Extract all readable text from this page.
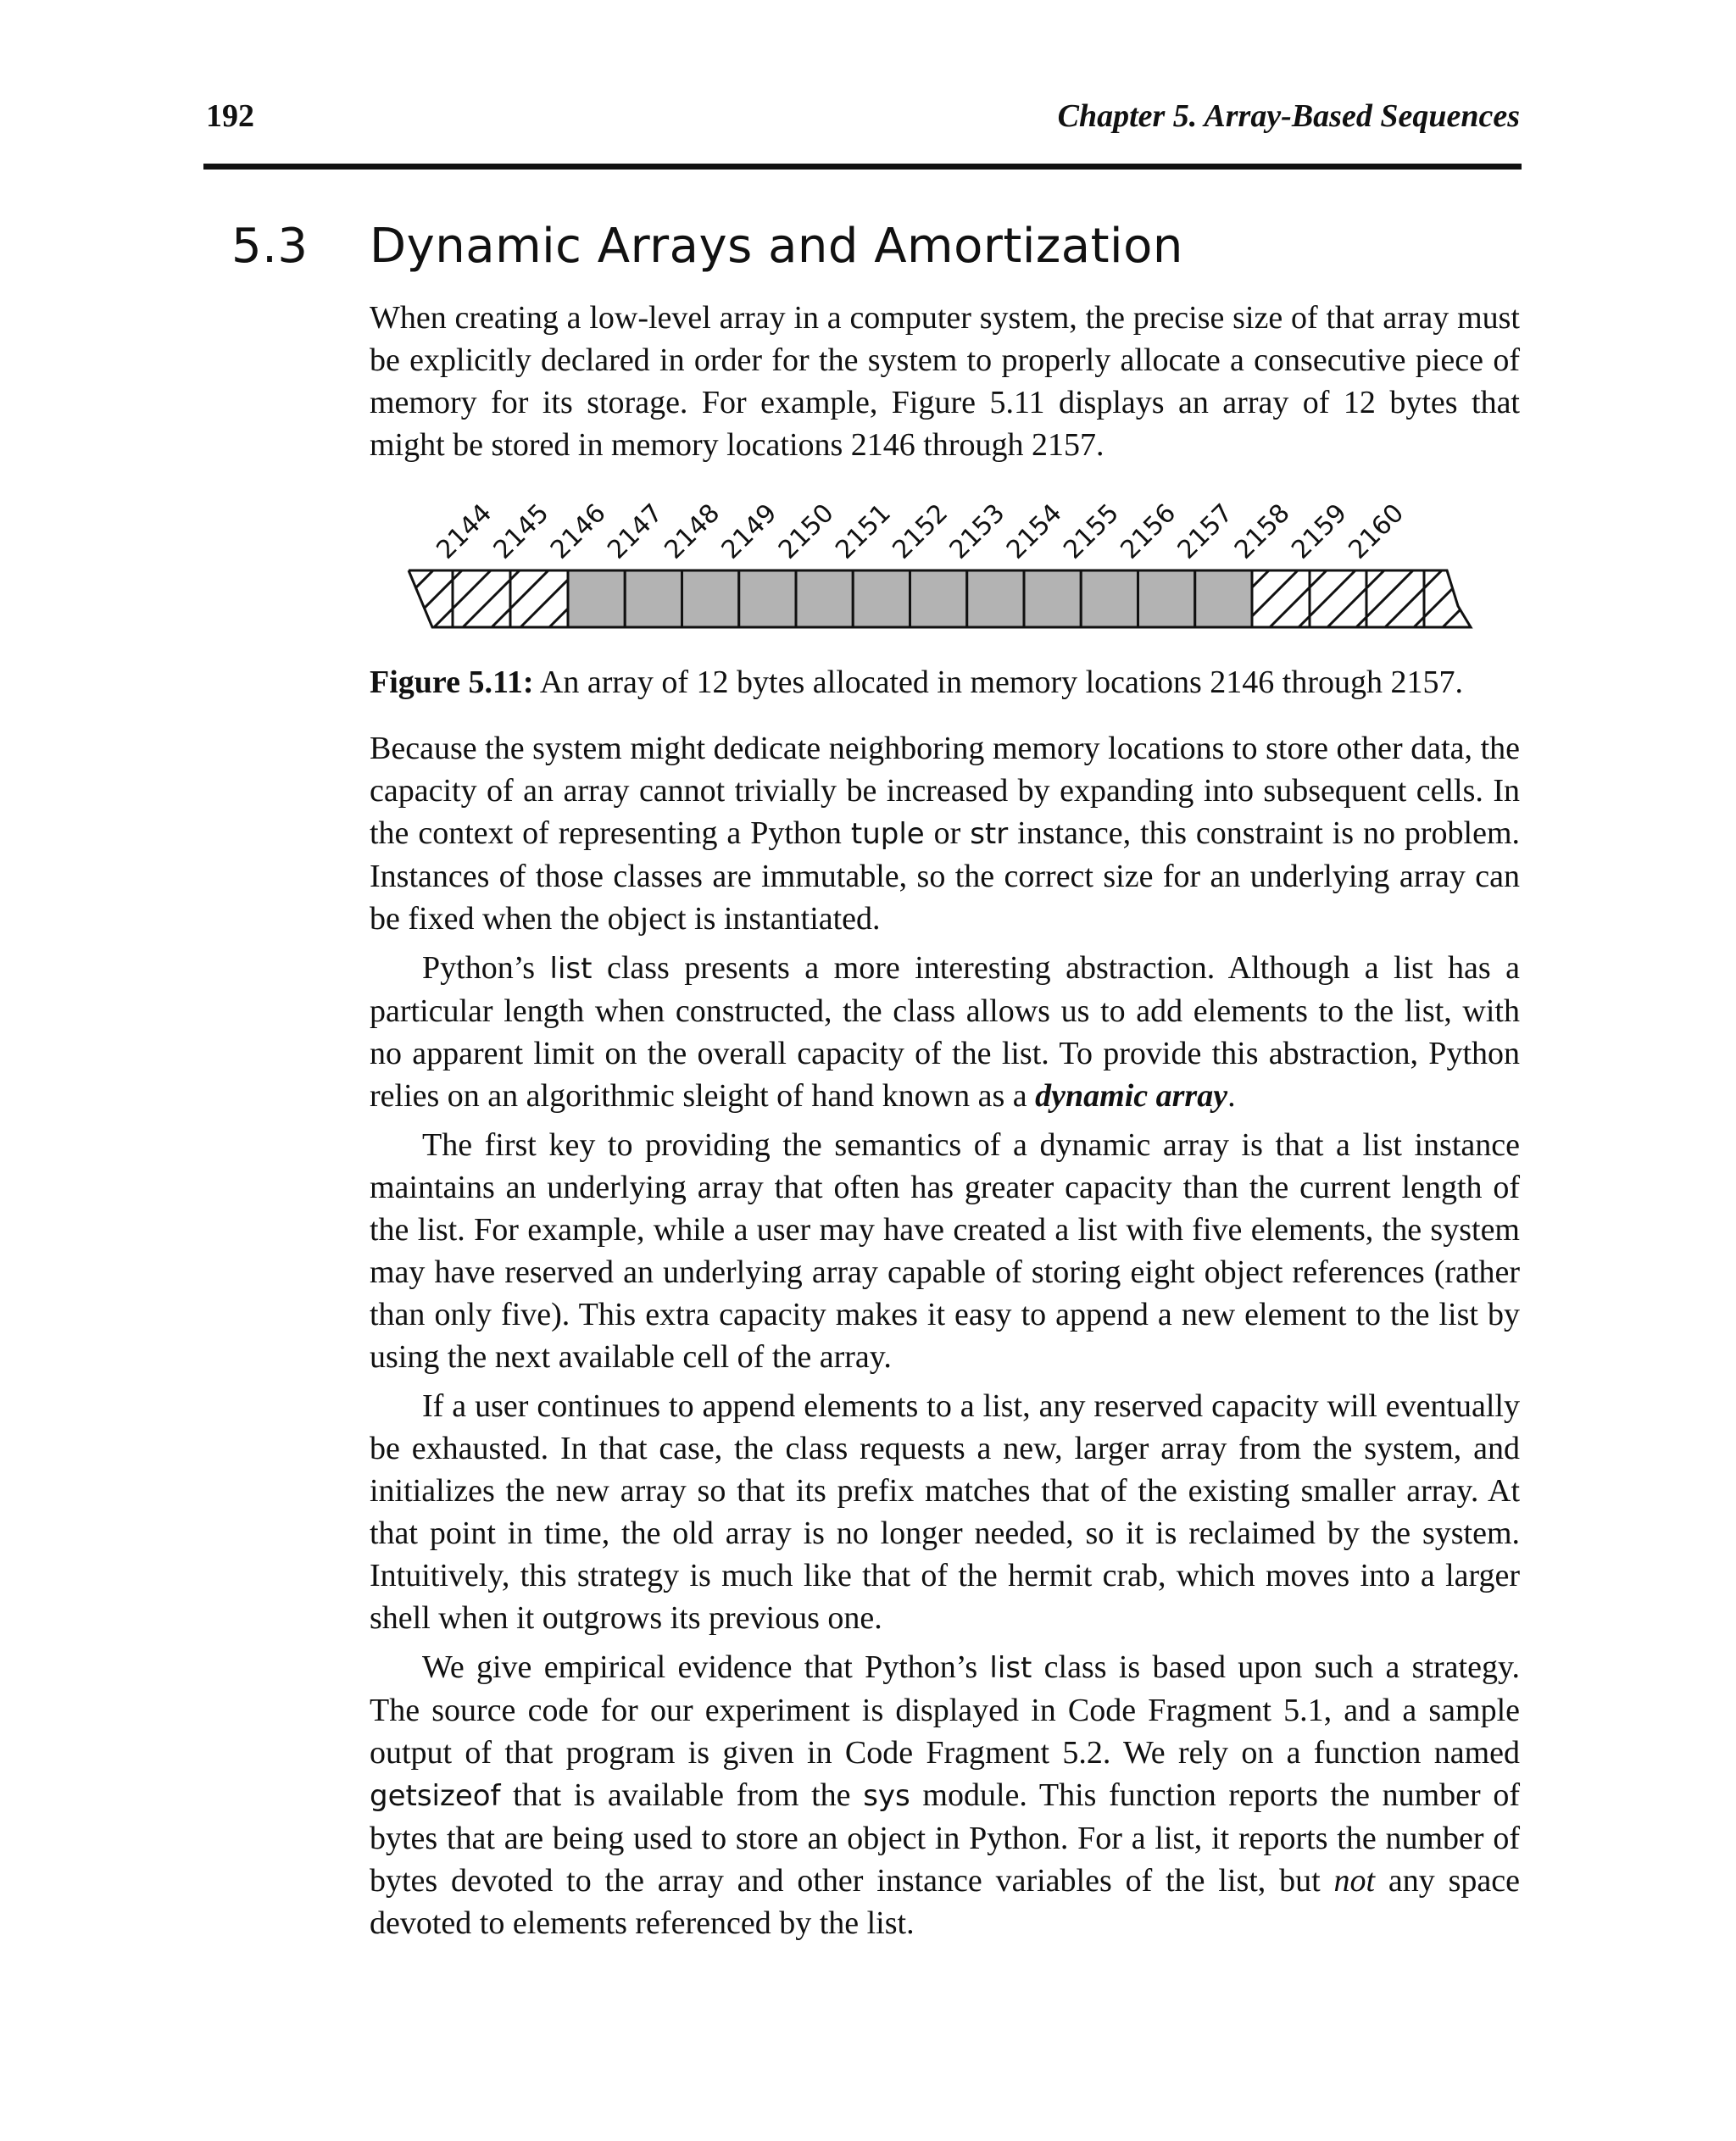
192	Chapter 5. Array-Based Sequences
5.3 Dynamic Arrays and Amortization

When creating a low-level array in a computer system, the precise size of that array must be explicitly declared in order for the system to properly allocate a consecutive piece of memory for its storage. For example, Figure 5.11 displays an array of 12 bytes that might be stored in memory locations 2146 through 2157.

2144
2145
2146
2147
2148
2149
2150
2151
2152
2153
2154
2155
2156
2157
2158
2159
2160
Figure 5.11: An array of 12 bytes allocated in memory locations 2146 through 2157.

Because the system might dedicate neighboring memory locations to store other data, the capacity of an array cannot trivially be increased by expanding into subsequent cells. In the context of representing a Python tuple or str instance, this constraint is no problem. Instances of those classes are immutable, so the correct size for an underlying array can be fixed when the object is instantiated.

Python’s list class presents a more interesting abstraction. Although a list has a particular length when constructed, the class allows us to add elements to the list, with no apparent limit on the overall capacity of the list. To provide this abstraction, Python relies on an algorithmic sleight of hand known as a dynamic array.

The first key to providing the semantics of a dynamic array is that a list instance maintains an underlying array that often has greater capacity than the current length of the list. For example, while a user may have created a list with five elements, the system may have reserved an underlying array capable of storing eight object references (rather than only five). This extra capacity makes it easy to append a new element to the list by using the next available cell of the array.

If a user continues to append elements to a list, any reserved capacity will eventually be exhausted. In that case, the class requests a new, larger array from the system, and initializes the new array so that its prefix matches that of the existing smaller array. At that point in time, the old array is no longer needed, so it is reclaimed by the system. Intuitively, this strategy is much like that of the hermit crab, which moves into a larger shell when it outgrows its previous one.

We give empirical evidence that Python’s list class is based upon such a strategy. The source code for our experiment is displayed in Code Fragment 5.1, and a sample output of that program is given in Code Fragment 5.2. We rely on a function named getsizeof that is available from the sys module. This function reports the number of bytes that are being used to store an object in Python. For a list, it reports the number of bytes devoted to the array and other instance variables of the list, but not any space devoted to elements referenced by the list.
